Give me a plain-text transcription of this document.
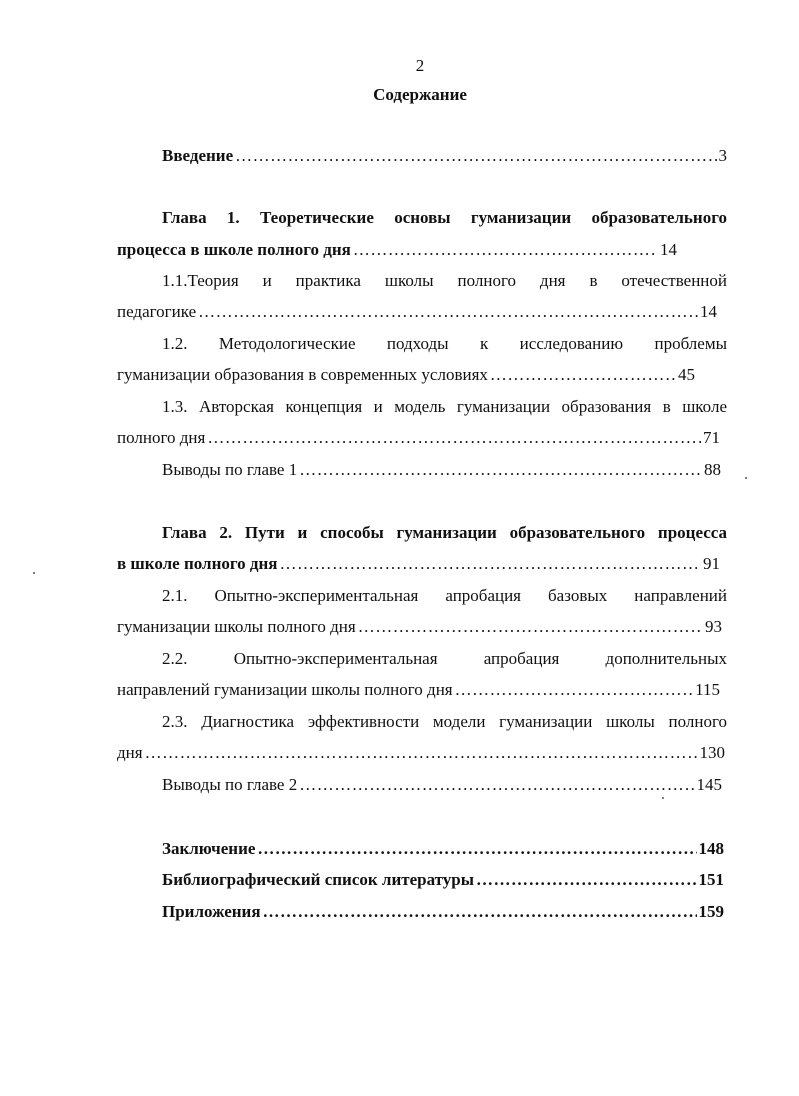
2
Содержание
Введение ……………………………………………………………………………………………………………………………………………………………………	3
Глава 1. Теоретические основы гуманизации образовательного
процесса в школе полного дня ……………………………………………………………………………………………………………………………………………………………………	14
1.1.Теория и практика школы полного дня в отечественной
педагогике ……………………………………………………………………………………………………………………………………………………………………	14
1.2. Методологические подходы к исследованию проблемы
гуманизации образования в современных условиях ……………………………………………………………………………………………………………………………………………………………………	45
1.3. Авторская концепция и модель гуманизации образования в школе
полного дня ……………………………………………………………………………………………………………………………………………………………………	71
Выводы по главе 1 ……………………………………………………………………………………………………………………………………………………………………	88
Глава 2. Пути и способы гуманизации образовательного процесса
в школе полного дня ……………………………………………………………………………………………………………………………………………………………………	91
2.1. Опытно-экспериментальная апробация базовых направлений
гуманизации школы полного дня ……………………………………………………………………………………………………………………………………………………………………	93
2.2. Опытно-экспериментальная апробация дополнительных
направлений гуманизации школы полного дня ……………………………………………………………………………………………………………………………………………………………………	115
2.3. Диагностика эффективности модели гуманизации школы полного
дня ……………………………………………………………………………………………………………………………………………………………………	130
Выводы по главе 2 ……………………………………………………………………………………………………………………………………………………………………	145
Заключение ……………………………………………………………………………………………………………………………………………………………………	148
Библиографический список литературы ……………………………………………………………………………………………………………………………………………………………………	151
Приложения ……………………………………………………………………………………………………………………………………………………………………	159
